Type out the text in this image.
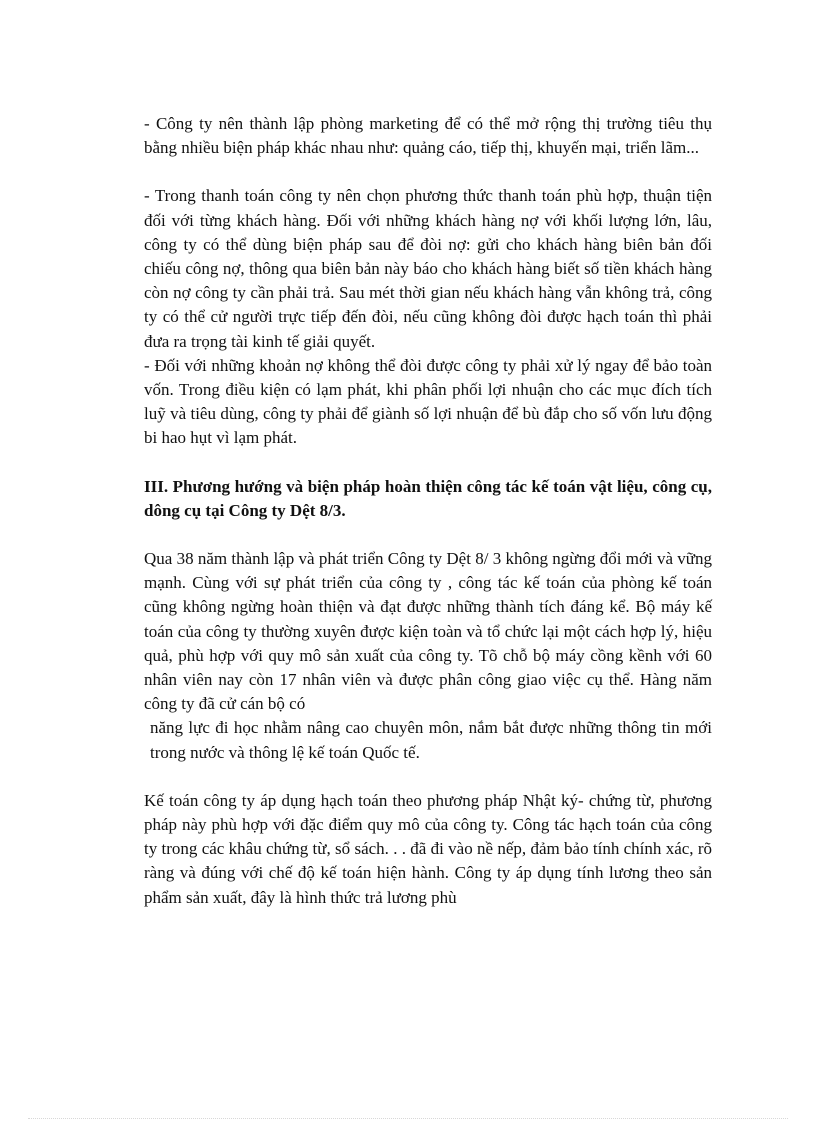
- Công ty nên thành lập phòng marketing để có thể mở rộng thị trường tiêu thụ bằng nhiều biện pháp khác nhau như: quảng cáo, tiếp thị, khuyến mại, triển lãm...

- Trong thanh toán công ty nên chọn phương thức thanh toán phù hợp, thuận tiện đối với từng khách hàng. Đối với những khách hàng nợ với khối lượng lớn, lâu, công ty có thể dùng biện pháp sau để đòi nợ: gửi cho khách hàng biên bản đối chiếu công nợ, thông qua biên bản này báo cho khách hàng biết số tiền khách hàng còn nợ công ty cần phải trả. Sau mét thời gian nếu khách hàng vẫn không trả, công ty có thể cử người trực tiếp đến đòi, nếu cũng không đòi được hạch toán thì phải đưa ra trọng tài kinh tế giải quyết.

- Đối với những khoản nợ không thể đòi được công ty phải xử lý ngay để bảo toàn vốn. Trong điều kiện có lạm phát, khi phân phối lợi nhuận cho các mục đích tích luỹ và tiêu dùng, công ty phải để giành số lợi nhuận để bù đắp cho số vốn lưu động bi hao hụt vì lạm phát.

III. Phương hướng và biện pháp hoàn thiện công tác kế toán vật liệu, công cụ, dông cụ tại Công ty Dệt 8/3.

Qua 38 năm thành lập và phát triển Công ty Dệt 8/ 3 không ngừng đổi mới và vững mạnh. Cùng với sự phát triển của công ty , công tác kế toán của phòng kế toán cũng không ngừng hoàn thiện và đạt được những thành tích đáng kể. Bộ máy kế toán của công ty thường xuyên được kiện toàn và tổ chức lại một cách hợp lý, hiệu quả, phù hợp với quy mô sản xuất của công ty. Tõ chỗ bộ máy cồng kềnh với 60 nhân viên nay còn 17 nhân viên và được phân công giao việc cụ thể. Hàng năm công ty đã cử cán bộ có

năng lực đi học nhằm nâng cao chuyên môn, nắm bắt được những thông tin mới trong nước và thông lệ kế toán Quốc tế.

Kế toán công ty áp dụng hạch toán theo phương pháp Nhật ký- chứng từ, phương pháp này phù hợp với đặc điểm quy mô của công ty. Công tác hạch toán của công ty trong các khâu chứng từ, sổ sách. . . đã đi vào nề nếp, đảm bảo tính chính xác, rõ ràng và đúng với chế độ kế toán hiện hành. Công ty áp dụng tính lương theo sản phẩm sản xuất, đây là hình thức trả lương phù
